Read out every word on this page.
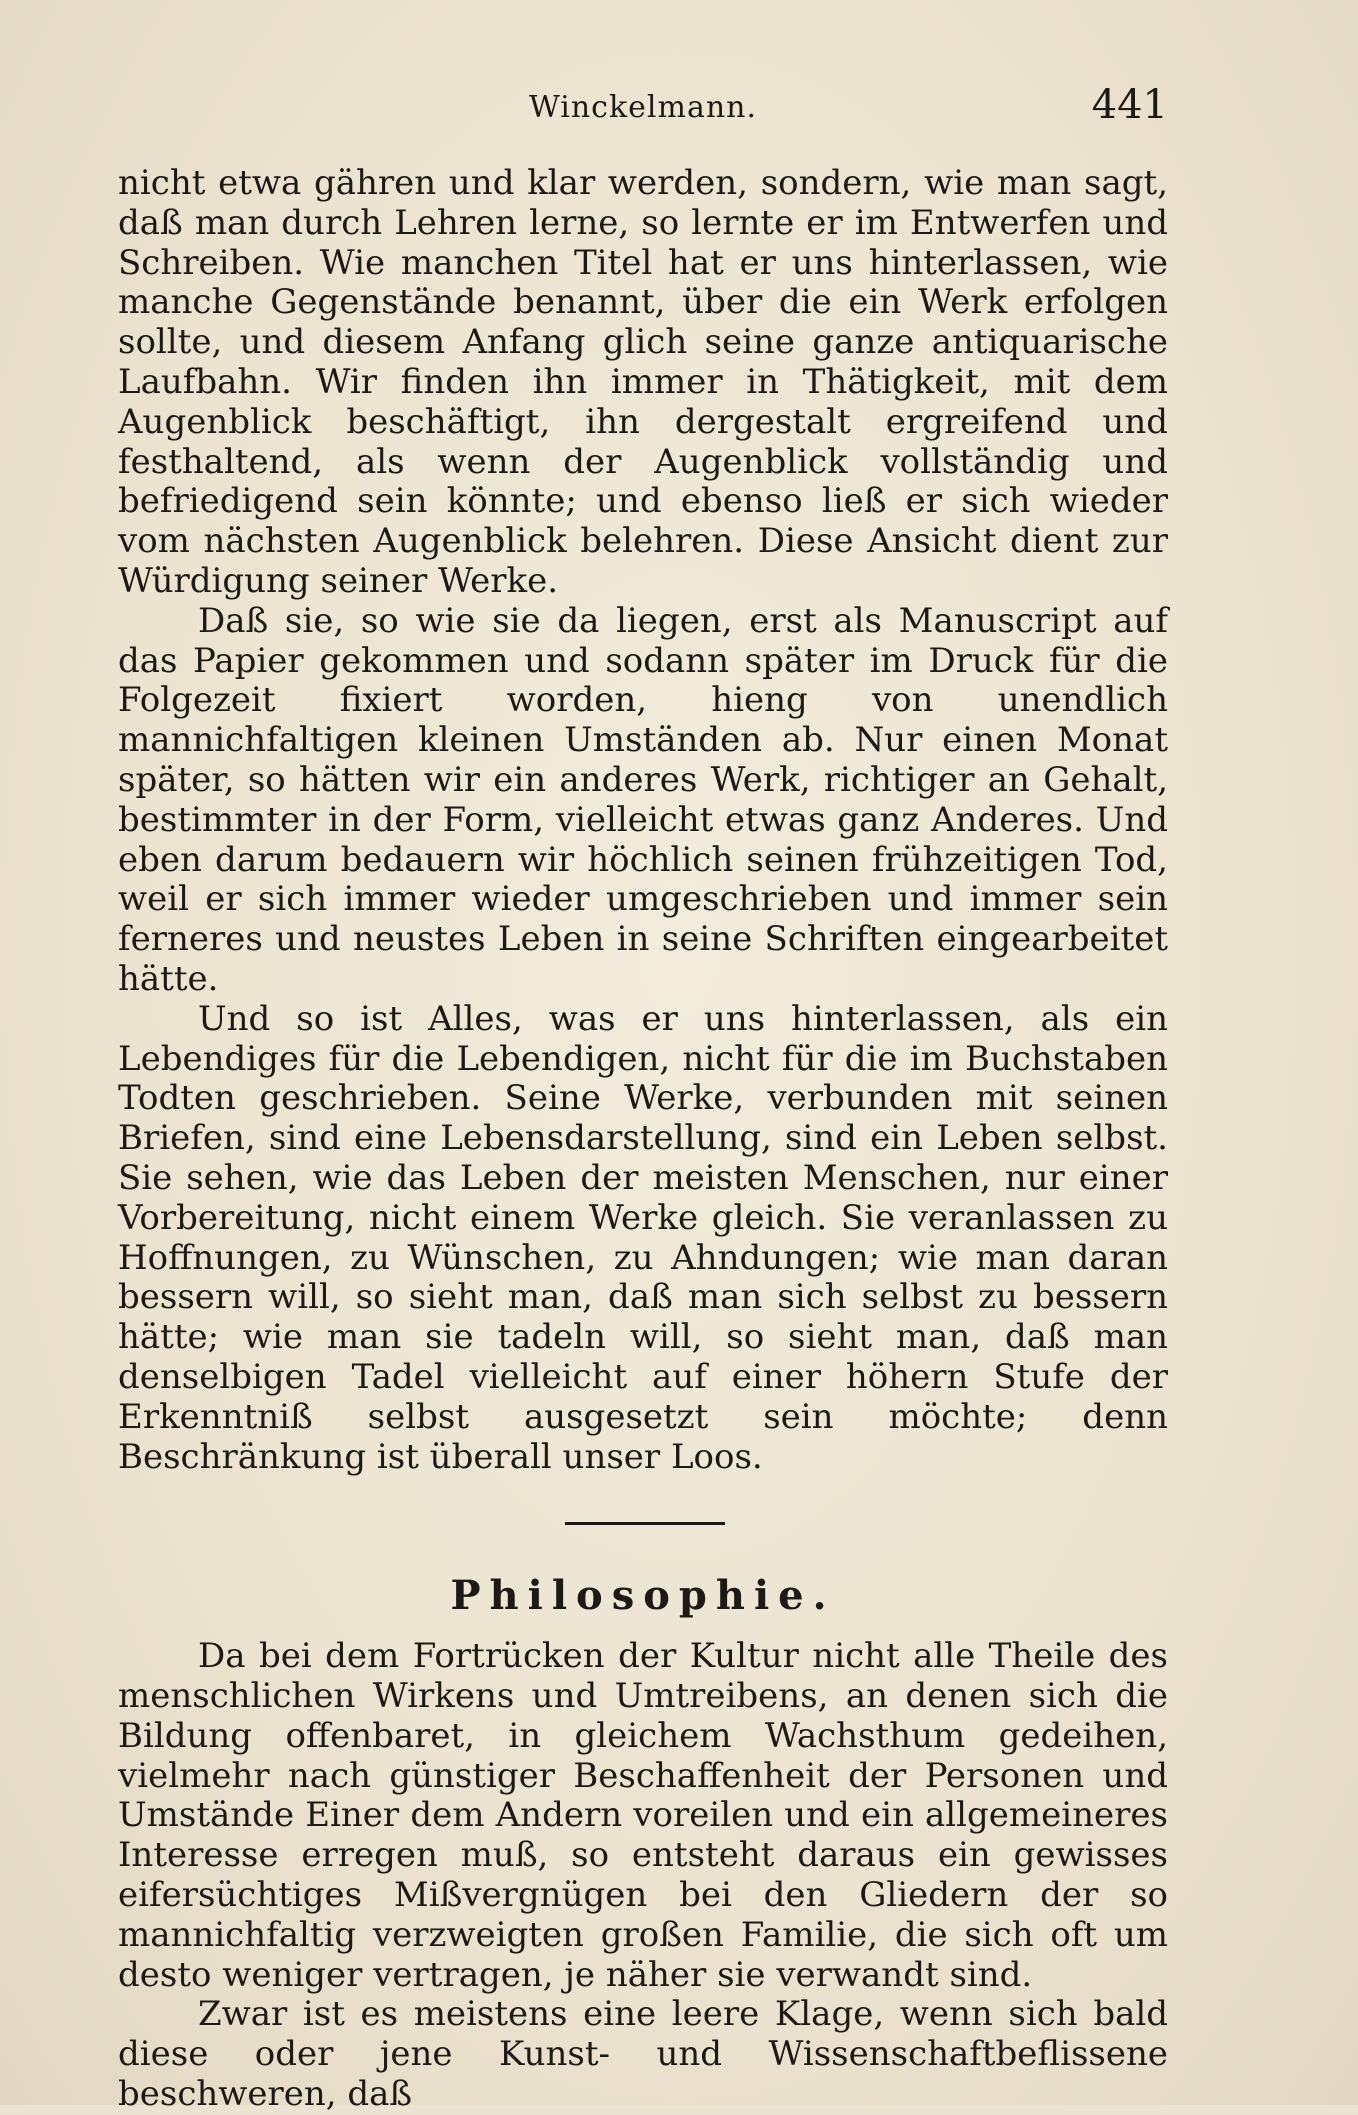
Winckelmann.	441

nicht etwa gähren und klar werden, sondern, wie man sagt, daß man durch Lehren lerne, so lernte er im Entwerfen und Schreiben. Wie manchen Titel hat er uns hinterlassen, wie manche Gegenstände benannt, über die ein Werk erfolgen sollte, und diesem Anfang glich seine ganze antiquarische Laufbahn. Wir finden ihn immer in Thätigkeit, mit dem Augenblick beschäftigt, ihn dergestalt ergreifend und festhaltend, als wenn der Augenblick vollständig und befriedigend sein könnte; und ebenso ließ er sich wieder vom nächsten Augenblick belehren. Diese Ansicht dient zur Würdigung seiner Werke.

Daß sie, so wie sie da liegen, erst als Manuscript auf das Papier gekommen und sodann später im Druck für die Folgezeit fixiert worden, hieng von unendlich mannichfaltigen kleinen Umständen ab. Nur einen Monat später, so hätten wir ein anderes Werk, richtiger an Gehalt, bestimmter in der Form, vielleicht etwas ganz Anderes. Und eben darum bedauern wir höchlich seinen frühzeitigen Tod, weil er sich immer wieder umgeschrieben und immer sein ferneres und neustes Leben in seine Schriften eingearbeitet hätte.

Und so ist Alles, was er uns hinterlassen, als ein Lebendiges für die Lebendigen, nicht für die im Buchstaben Todten geschrieben. Seine Werke, verbunden mit seinen Briefen, sind eine Lebensdarstellung, sind ein Leben selbst. Sie sehen, wie das Leben der meisten Menschen, nur einer Vorbereitung, nicht einem Werke gleich. Sie veranlassen zu Hoffnungen, zu Wünschen, zu Ahndungen; wie man daran bessern will, so sieht man, daß man sich selbst zu bessern hätte; wie man sie tadeln will, so sieht man, daß man denselbigen Tadel vielleicht auf einer höhern Stufe der Erkenntniß selbst ausgesetzt sein möchte; denn Beschränkung ist überall unser Loos.

Philosophie.

Da bei dem Fortrücken der Kultur nicht alle Theile des menschlichen Wirkens und Umtreibens, an denen sich die Bildung offenbaret, in gleichem Wachsthum gedeihen, vielmehr nach günstiger Beschaffenheit der Personen und Umstände Einer dem Andern voreilen und ein allgemeineres Interesse erregen muß, so entsteht daraus ein gewisses eifersüchtiges Mißvergnügen bei den Gliedern der so mannichfaltig verzweigten großen Familie, die sich oft um desto weniger vertragen, je näher sie verwandt sind.

Zwar ist es meistens eine leere Klage, wenn sich bald diese oder jene Kunst- und Wissenschaftbeflissene beschweren, daß
